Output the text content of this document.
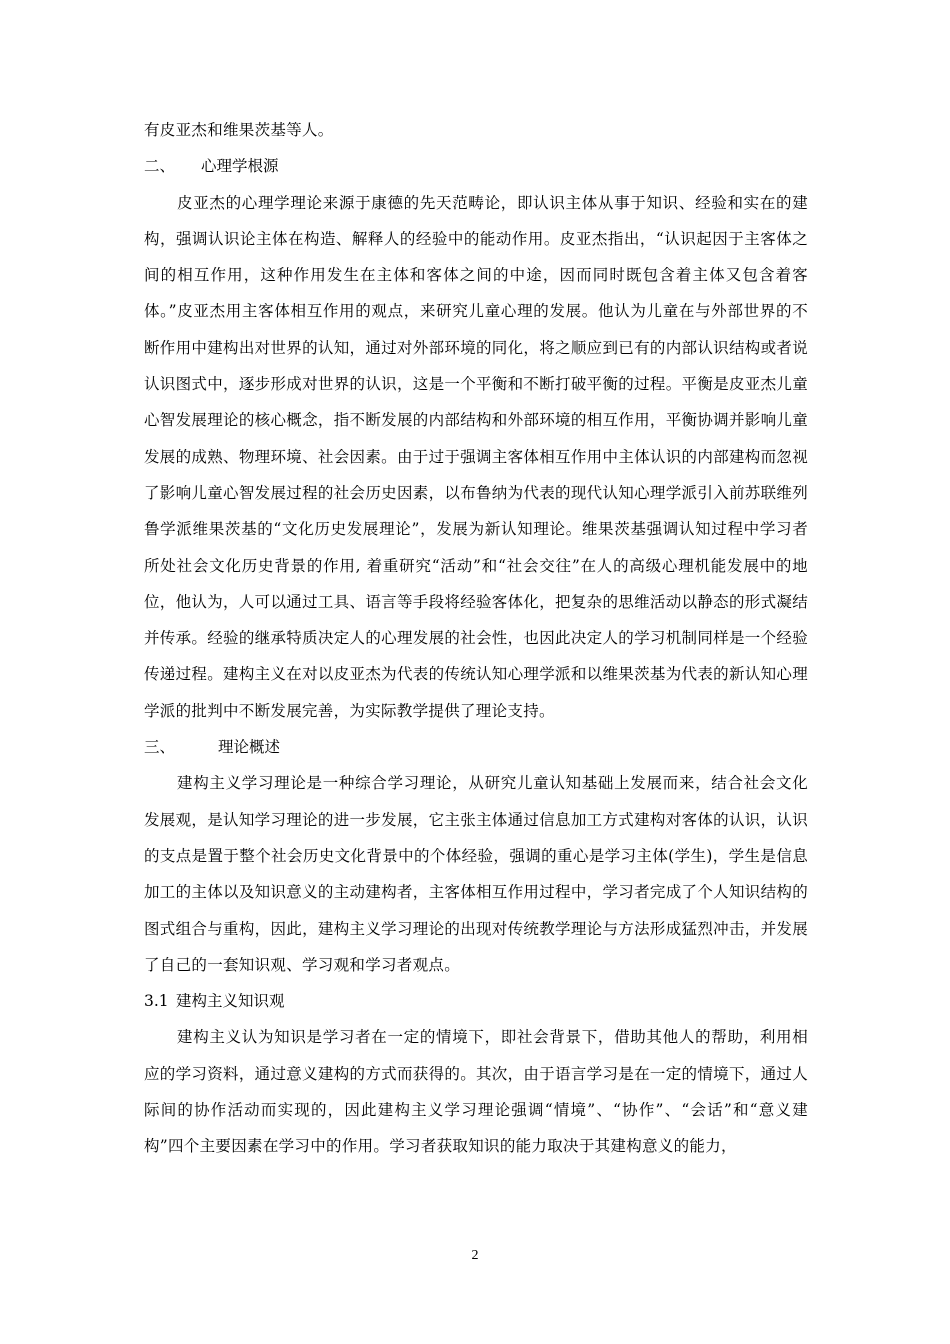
有皮亚杰和维果茨基等人。

二、 心理学根源

皮亚杰的心理学理论来源于康德的先天范畴论，即认识主体从事于知识、经验和实在的建构，强调认识论主体在构造、解释人的经验中的能动作用。皮亚杰指出，“认识起因于主客体之间的相互作用，这种作用发生在主体和客体之间的中途，因而同时既包含着主体又包含着客体。”皮亚杰用主客体相互作用的观点，来研究儿童心理的发展。他认为儿童在与外部世界的不断作用中建构出对世界的认知，通过对外部环境的同化，将之顺应到已有的内部认识结构或者说认识图式中，逐步形成对世界的认识，这是一个平衡和不断打破平衡的过程。平衡是皮亚杰儿童心智发展理论的核心概念，指不断发展的内部结构和外部环境的相互作用，平衡协调并影响儿童发展的成熟、物理环境、社会因素。由于过于强调主客体相互作用中主体认识的内部建构而忽视了影响儿童心智发展过程的社会历史因素，以布鲁纳为代表的现代认知心理学派引入前苏联维列鲁学派维果茨基的“文化历史发展理论”，发展为新认知理论。维果茨基强调认知过程中学习者所处社会文化历史背景的作用, 着重研究“活动”和“社会交往”在人的高级心理机能发展中的地位，他认为，人可以通过工具、语言等手段将经验客体化，把复杂的思维活动以静态的形式凝结并传承。经验的继承特质决定人的心理发展的社会性，也因此决定人的学习机制同样是一个经验传递过程。建构主义在对以皮亚杰为代表的传统认知心理学派和以维果茨基为代表的新认知心理学派的批判中不断发展完善，为实际教学提供了理论支持。

三、	理论概述

建构主义学习理论是一种综合学习理论，从研究儿童认知基础上发展而来，结合社会文化发展观，是认知学习理论的进一步发展，它主张主体通过信息加工方式建构对客体的认识，认识的支点是置于整个社会历史文化背景中的个体经验，强调的重心是学习主体(学生)，学生是信息加工的主体以及知识意义的主动建构者，主客体相互作用过程中，学习者完成了个人知识结构的图式组合与重构，因此，建构主义学习理论的出现对传统教学理论与方法形成猛烈冲击，并发展了自己的一套知识观、学习观和学习者观点。

3.1 建构主义知识观

建构主义认为知识是学习者在一定的情境下，即社会背景下，借助其他人的帮助，利用相应的学习资料，通过意义建构的方式而获得的。其次，由于语言学习是在一定的情境下，通过人际间的协作活动而实现的，因此建构主义学习理论强调“情境”、“协作”、“会话”和“意义建构”四个主要因素在学习中的作用。学习者获取知识的能力取决于其建构意义的能力，

2
